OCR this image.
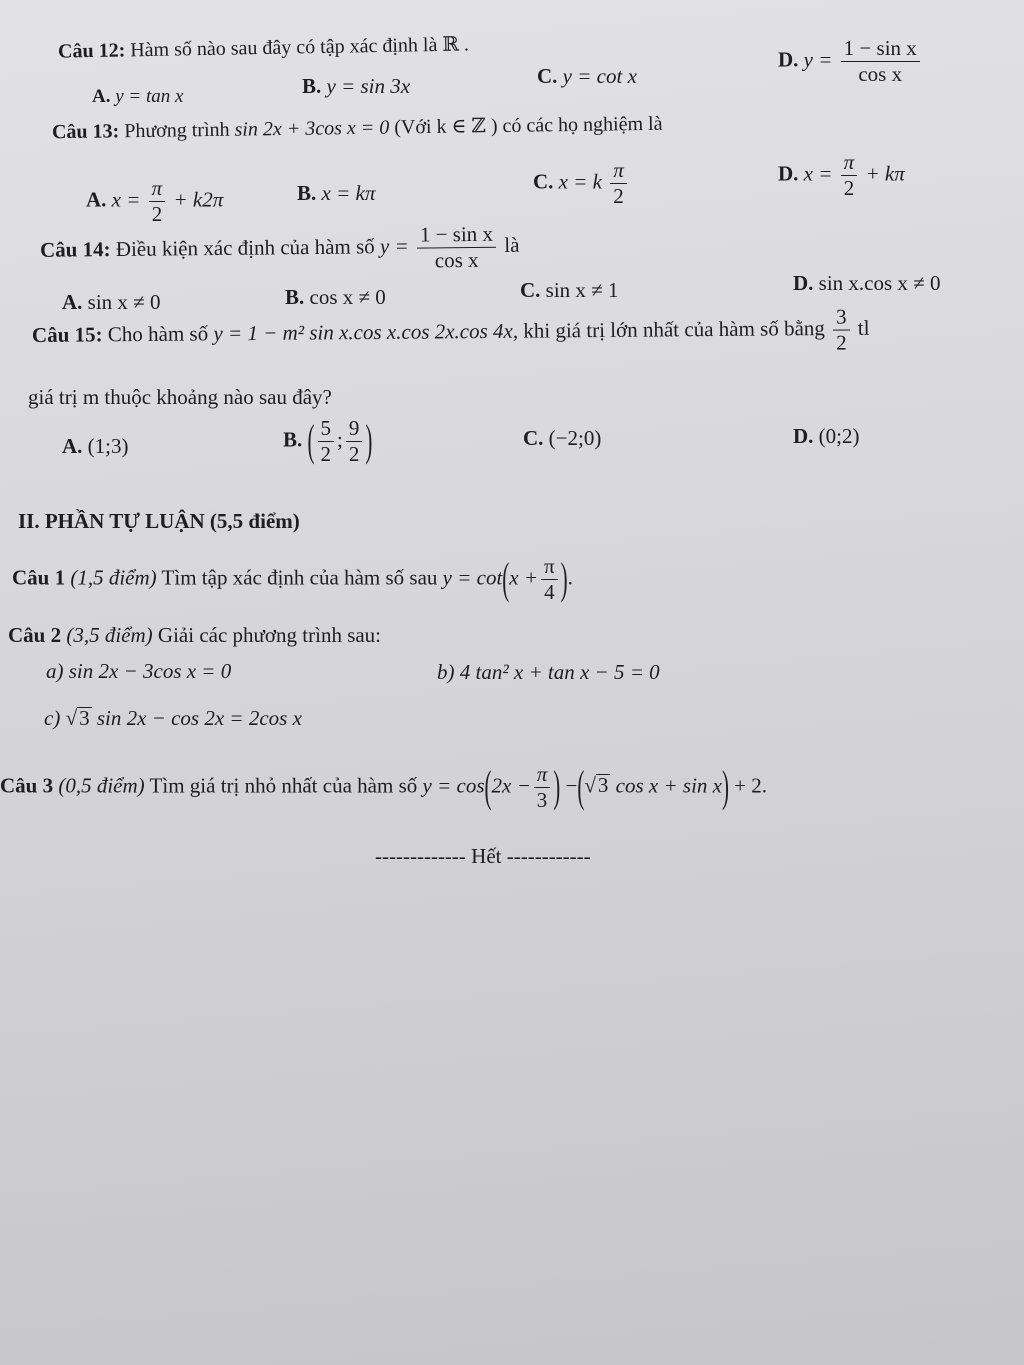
Câu 12: Hàm số nào sau đây có tập xác định là ℝ .
A. y = tan x	B. y = sin 3x	C. y = cot x
D. $y = \frac{\text{1 − sin x}}{\text{cos x}}$
Câu 13: Phương trình sin 2x + 3cos x = 0 (Với k ∈ ℤ ) có các họ nghiệm là
A. $x = \frac{\pi}{2} + k2\pi$	B. x = kπ	C. x = k $\frac{\pi}{2}$	D. $x = \frac{\pi}{2} + k\pi$
Câu 14: Điều kiện xác định của hàm số $y = \frac{\text{1 − sin x}}{\text{cos x}}$ là
A. sin x ≠ 0	B. cos x ≠ 0	C. sin x ≠ 1	D. sin x.cos x ≠ 0
Câu 15: Cho hàm số y = 1 − m² sin x.cos x.cos 2x.cos 4x, khi giá trị lớn nhất của hàm số bằng $\frac{3}{2}$ tl
giá trị m thuộc khoảng nào sau đây?
A. (1;3)	B. ( $\frac{5}{2}$ ; $\frac{9}{2}$ )	C. (−2;0)	D. (0;2)
II. PHẦN TỰ LUẬN (5,5 điểm)
Câu 1 (1,5 điểm) Tìm tập xác định của hàm số sau $y = \cot(x + \frac{\pi}{4}$ ).
Câu 2 (3,5 điểm) Giải các phương trình sau:
a) sin 2x − 3cos x = 0	b) 4 tan² x + tan x − 5 = 0
c) √3 sin 2x − cos 2x = 2cos x
Câu 3 (0,5 điểm) Tìm giá trị nhỏ nhất của hàm số $y = \cos(2x - \frac{\pi}{3}$ ) −(√3 cos x + sin x) + 2.
------------- Hết ------------
